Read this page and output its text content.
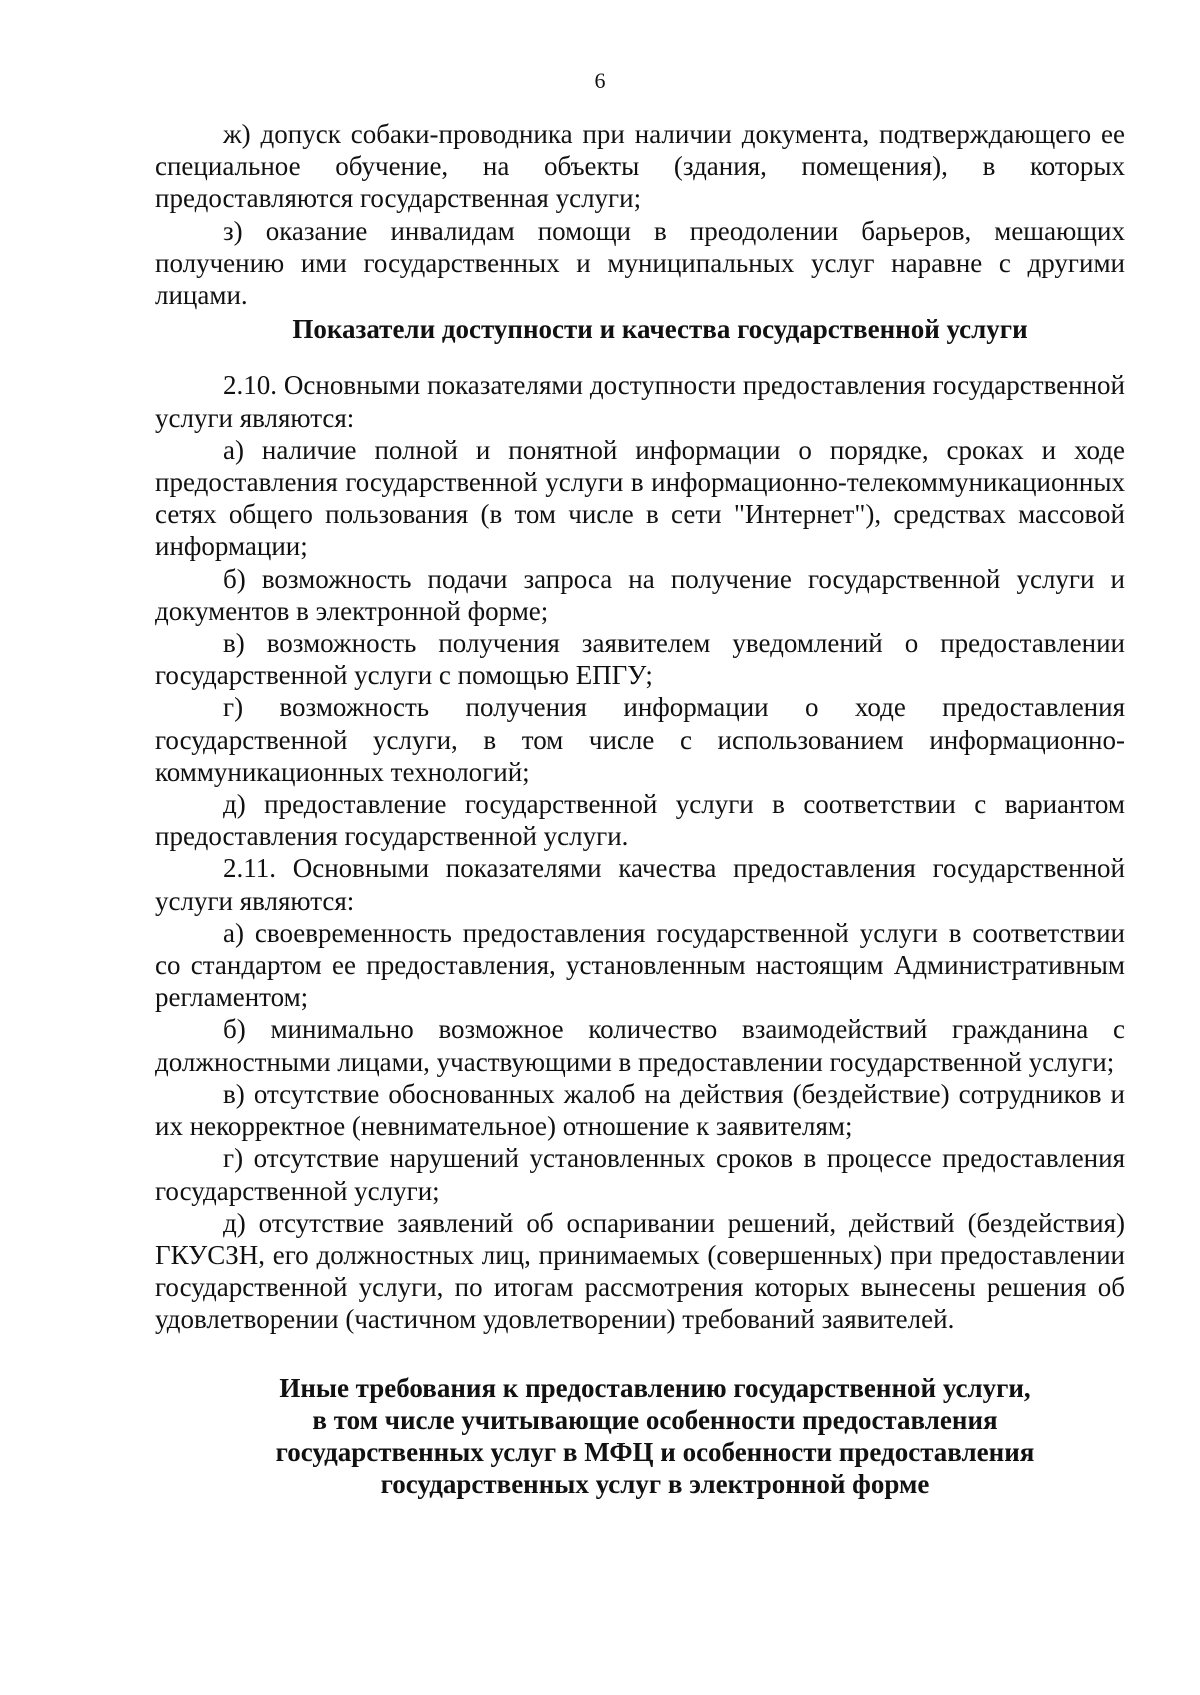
6

ж) допуск собаки-проводника при наличии документа, подтверждающего ее специальное обучение, на объекты (здания, помещения), в которых предоставляются государственная услуги;

з) оказание инвалидам помощи в преодолении барьеров, мешающих получению ими государственных и муниципальных услуг наравне с другими лицами.

Показатели доступности и качества государственной услуги

2.10. Основными показателями доступности предоставления государственной услуги являются:

а) наличие полной и понятной информации о порядке, сроках и ходе предоставления государственной услуги в информационно-телекоммуникационных сетях общего пользования (в том числе в сети "Интернет"), средствах массовой информации;

б) возможность подачи запроса на получение государственной услуги и документов в электронной форме;

в) возможность получения заявителем уведомлений о предоставлении государственной услуги с помощью ЕПГУ;

г) возможность получения информации о ходе предоставления государственной услуги, в том числе с использованием информационно-коммуникационных технологий;

д) предоставление государственной услуги в соответствии с вариантом предоставления государственной услуги.

2.11. Основными показателями качества предоставления государственной услуги являются:

а) своевременность предоставления государственной услуги в соответствии со стандартом ее предоставления, установленным настоящим Административным регламентом;

б) минимально возможное количество взаимодействий гражданина с должностными лицами, участвующими в предоставлении государственной услуги;

в) отсутствие обоснованных жалоб на действия (бездействие) сотрудников и их некорректное (невнимательное) отношение к заявителям;

г) отсутствие нарушений установленных сроков в процессе предоставления государственной услуги;

д) отсутствие заявлений об оспаривании решений, действий (бездействия) ГКУСЗН, его должностных лиц, принимаемых (совершенных) при предоставлении государственной услуги, по итогам рассмотрения которых вынесены решения об удовлетворении (частичном удовлетворении) требований заявителей.

Иные требования к предоставлению государственной услуги,
в том числе учитывающие особенности предоставления
государственных услуг в МФЦ и особенности предоставления
государственных услуг в электронной форме
